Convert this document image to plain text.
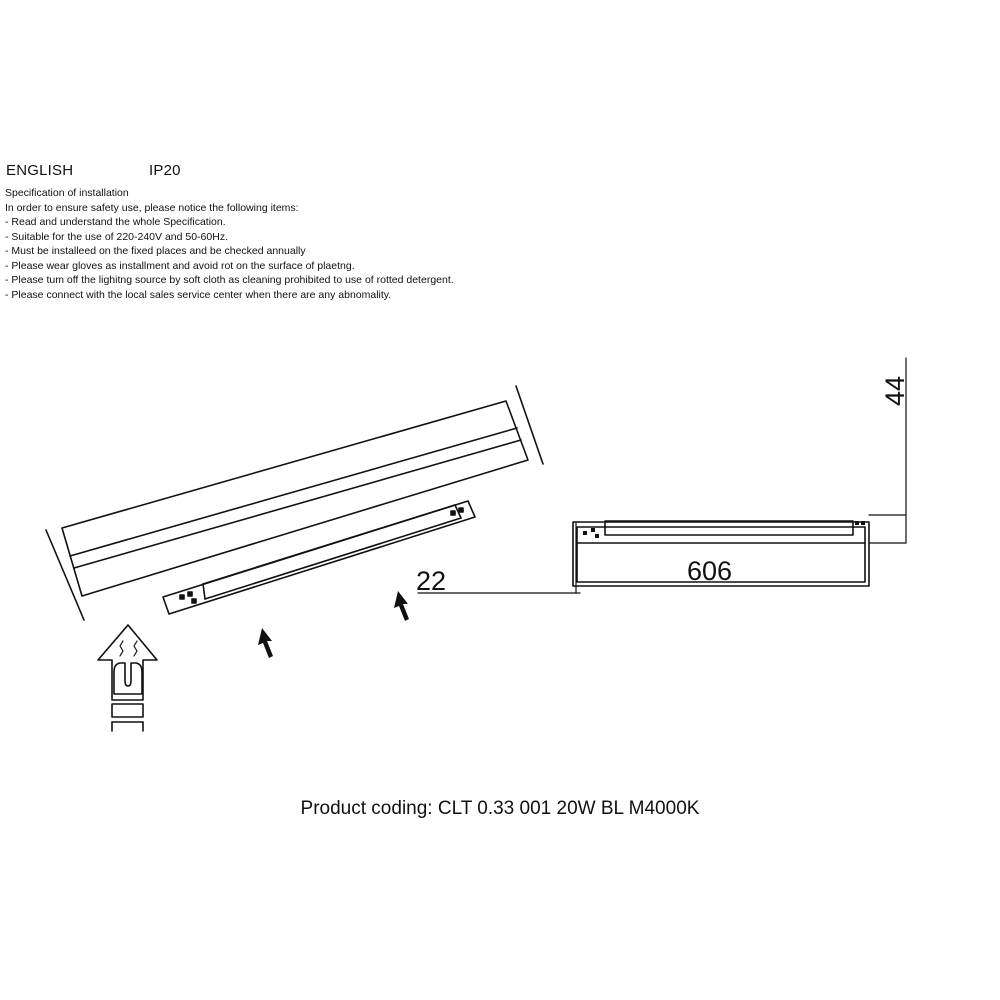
ENGLISH	IP20
Specification of installation
In order to ensure safety use, please notice the following items:
- Read and understand the whole Specification.
- Suitable for the use of 220-240V and 50-60Hz.
- Must be installeed on the fixed places and be checked annually
- Please wear gloves as installment and avoid rot on the surface of plaetng.
- Please tum off the lighitng source by soft cloth as cleaning prohibited to use of rotted detergent.
- Please connect with the local sales service center when there are any abnomality.
44
22	606
Product coding: CLT 0.33 001 20W BL M4000K
